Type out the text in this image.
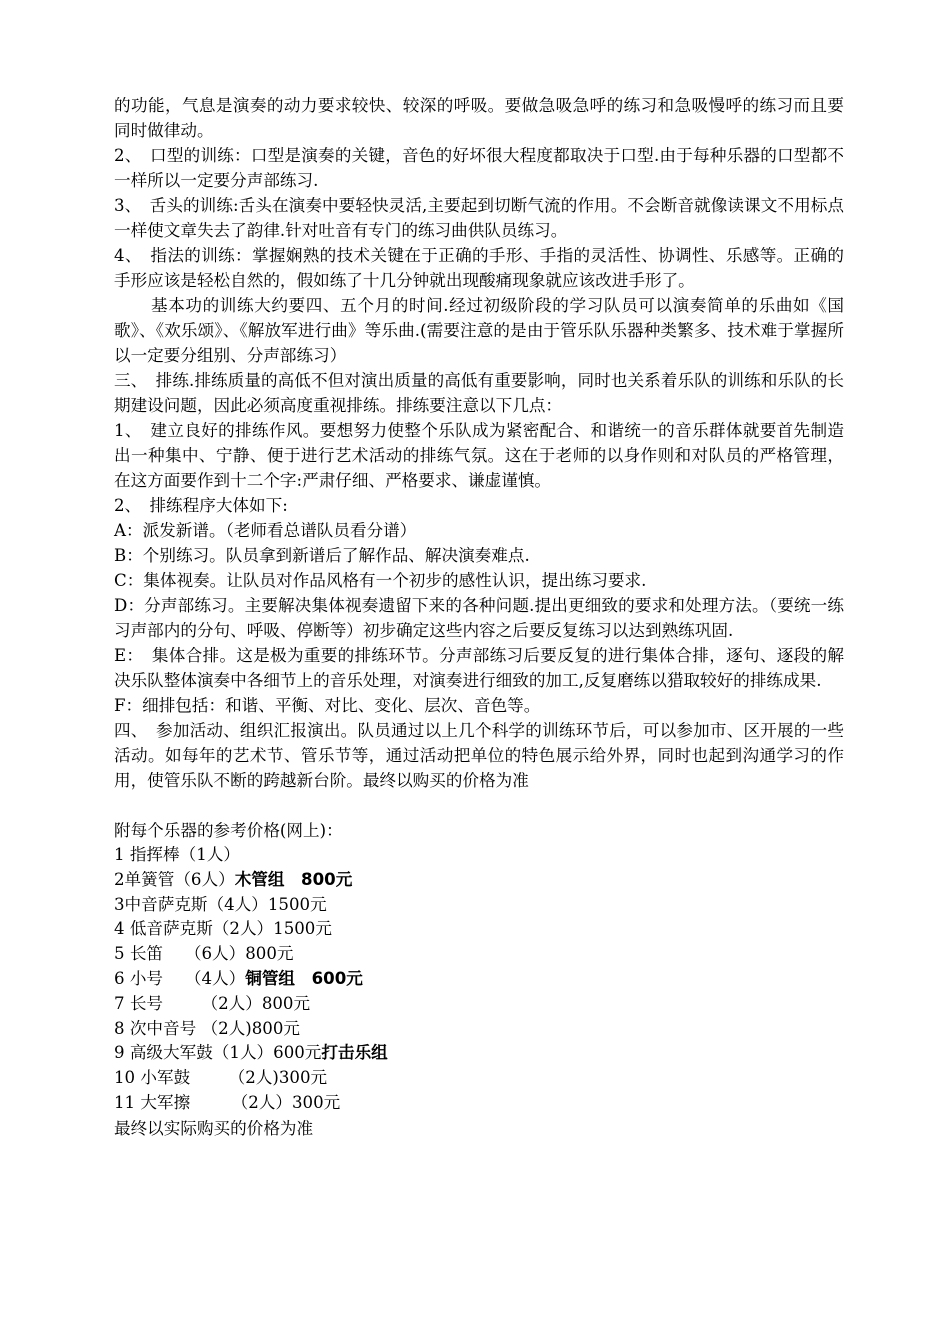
的功能，气息是演奏的动力要求较快、较深的呼吸。要做急吸急呼的练习和急吸慢呼的练习而且要同时做律动。

2、　口型的训练：口型是演奏的关键，音色的好坏很大程度都取决于口型.由于每种乐器的口型都不一样所以一定要分声部练习.

3、　舌头的训练:舌头在演奏中要轻快灵活,主要起到切断气流的作用。不会断音就像读课文不用标点一样使文章失去了韵律.针对吐音有专门的练习曲供队员练习。

4、　指法的训练：掌握娴熟的技术关键在于正确的手形、手指的灵活性、协调性、乐感等。正确的手形应该是轻松自然的，假如练了十几分钟就出现酸痛现象就应该改进手形了。

基本功的训练大约要四、五个月的时间.经过初级阶段的学习队员可以演奏简单的乐曲如《国歌》、《欢乐颂》、《解放军进行曲》等乐曲.(需要注意的是由于管乐队乐器种类繁多、技术难于掌握所以一定要分组别、分声部练习）

三、　排练.排练质量的高低不但对演出质量的高低有重要影响，同时也关系着乐队的训练和乐队的长期建设问题，因此必须高度重视排练。排练要注意以下几点：

1、　建立良好的排练作风。要想努力使整个乐队成为紧密配合、和谐统一的音乐群体就要首先制造出一种集中、宁静、便于进行艺术活动的排练气氛。这在于老师的以身作则和对队员的严格管理，在这方面要作到十二个字:严肃仔细、严格要求、谦虚谨慎。

2、　排练程序大体如下:

A：派发新谱。（老师看总谱队员看分谱）

B：个别练习。队员拿到新谱后了解作品、解决演奏难点.

C：集体视奏。让队员对作品风格有一个初步的感性认识，提出练习要求.

D：分声部练习。主要解决集体视奏遗留下来的各种问题.提出更细致的要求和处理方法。（要统一练习声部内的分句、呼吸、停断等）初步确定这些内容之后要反复练习以达到熟练巩固.

E：　集体合排。这是极为重要的排练环节。分声部练习后要反复的进行集体合排，逐句、逐段的解决乐队整体演奏中各细节上的音乐处理，对演奏进行细致的加工,反复磨练以猎取较好的排练成果.

F：细排包括：和谐、平衡、对比、变化、层次、音色等。

四、　参加活动、组织汇报演出。队员通过以上几个科学的训练环节后，可以参加市、区开展的一些活动。如每年的艺术节、管乐节等，通过活动把单位的特色展示给外界，同时也起到沟通学习的作用，使管乐队不断的跨越新台阶。最终以购买的价格为准

附每个乐器的参考价格(网上)：

1 指挥棒（1人）
2单簧管（6人）木管组　800元
3中音萨克斯（4人）1500元
4 低音萨克斯（2人）1500元
5 长笛　 （6人）800元
6 小号　 （4人）铜管组　600元
7 长号　　 （2人）800元
8 次中音号 （2人)800元
9 高级大军鼓（1人）600元打击乐组
10 小军鼓　　 （2人)300元
11 大军擦　　　（2人）300元

最终以实际购买的价格为准
